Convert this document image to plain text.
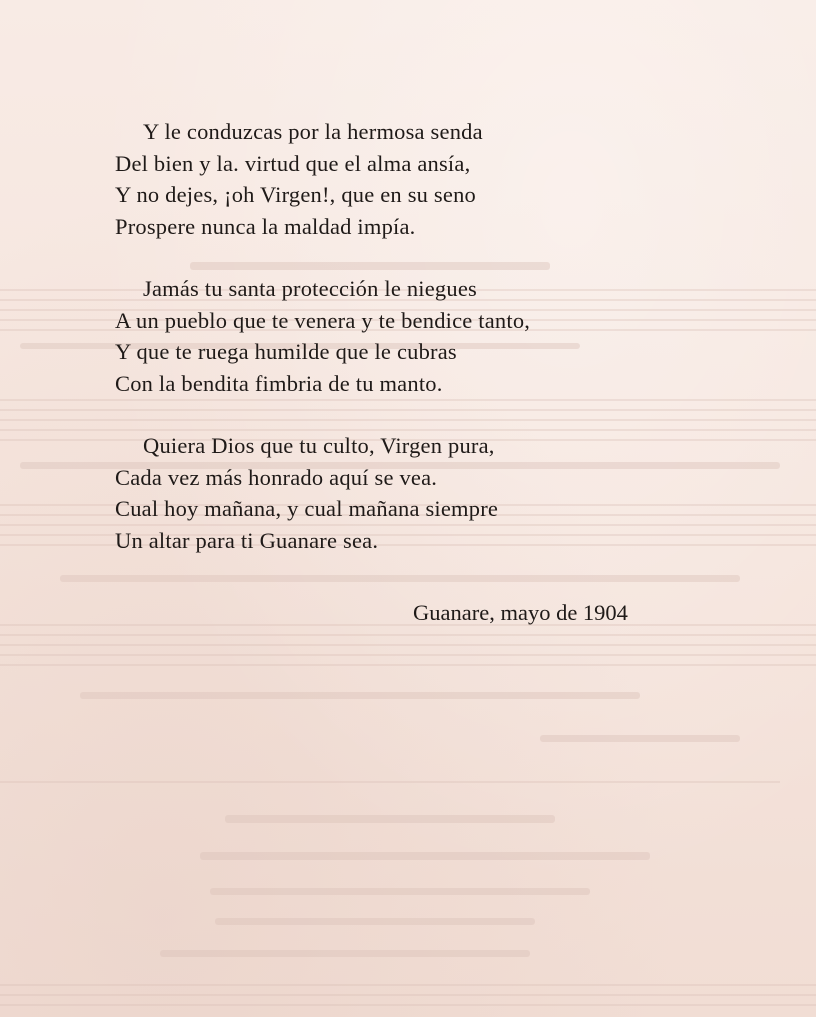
Y le conduzcas por la hermosa senda
Del bien y la. virtud que el alma ansía,
Y no dejes, ¡oh Virgen!, que en su seno
Prospere nunca la maldad impía.
Jamás tu santa protección le niegues
A un pueblo que te venera y te bendice tanto,
Y que te ruega humilde que le cubras
Con la bendita fimbria de tu manto.
Quiera Dios que tu culto, Virgen pura,
Cada vez más honrado aquí se vea.
Cual hoy mañana, y cual mañana siempre
Un altar para ti Guanare sea.
Guanare, mayo de 1904
